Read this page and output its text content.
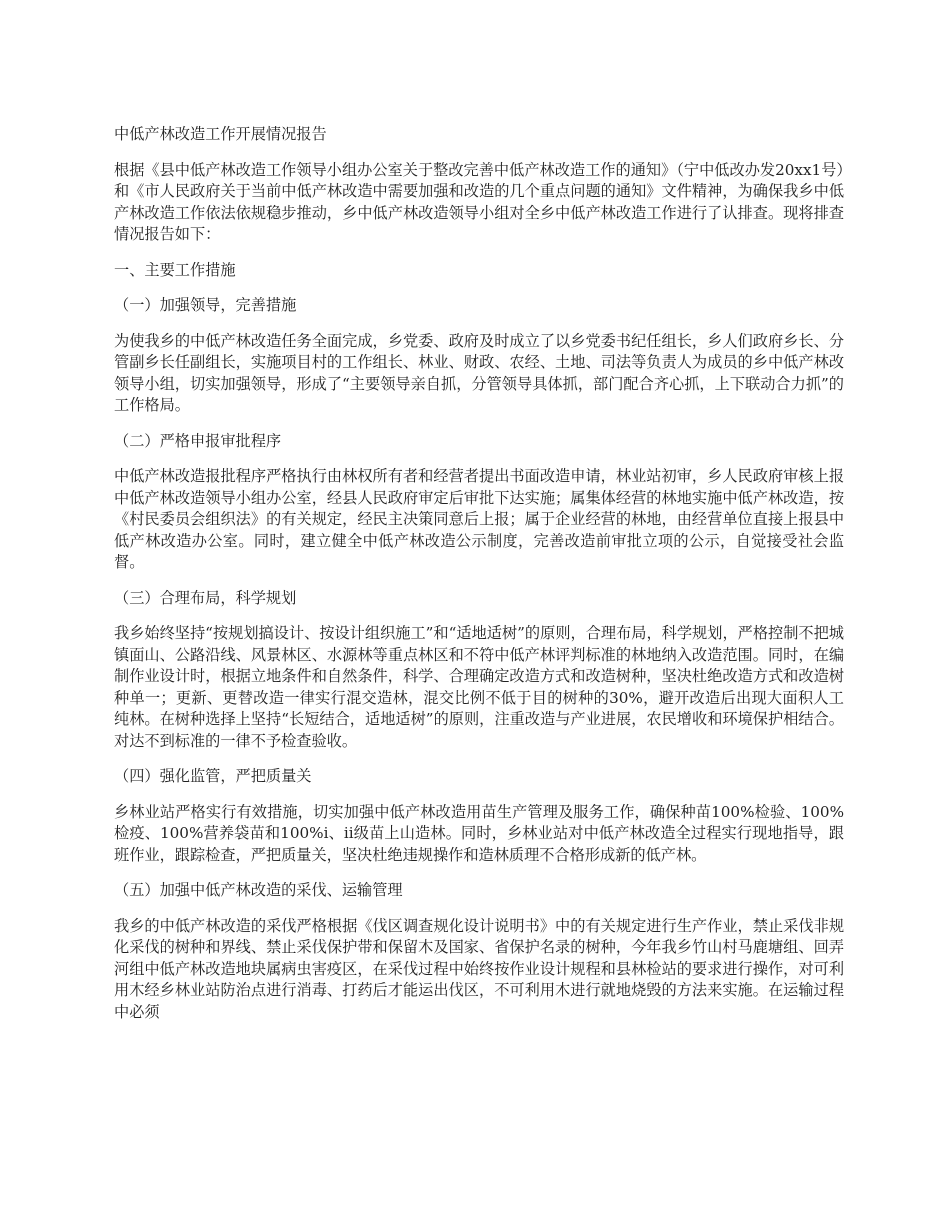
中低产林改造工作开展情况报告

根据《县中低产林改造工作领导小组办公室关于整改完善中低产林改造工作的通知》（宁中低改办发20xx1号）和《市人民政府关于当前中低产林改造中需要加强和改造的几个重点问题的通知》文件精神，为确保我乡中低产林改造工作依法依规稳步推动，乡中低产林改造领导小组对全乡中低产林改造工作进行了认排查。现将排查情况报告如下：

一、主要工作措施

（一）加强领导，完善措施

为使我乡的中低产林改造任务全面完成，乡党委、政府及时成立了以乡党委书纪任组长，乡人们政府乡长、分管副乡长任副组长，实施项目村的工作组长、林业、财政、农经、土地、司法等负责人为成员的乡中低产林改领导小组，切实加强领导，形成了“主要领导亲自抓，分管领导具体抓，部门配合齐心抓，上下联动合力抓”的工作格局。

（二）严格申报审批程序

中低产林改造报批程序严格执行由林权所有者和经营者提出书面改造申请，林业站初审，乡人民政府审核上报中低产林改造领导小组办公室，经县人民政府审定后审批下达实施；属集体经营的林地实施中低产林改造，按《村民委员会组织法》的有关规定，经民主决策同意后上报；属于企业经营的林地，由经营单位直接上报县中低产林改造办公室。同时，建立健全中低产林改造公示制度，完善改造前审批立项的公示，自觉接受社会监督。

（三）合理布局，科学规划

我乡始终坚持“按规划搞设计、按设计组织施工”和“适地适树”的原则，合理布局，科学规划，严格控制不把城镇面山、公路沿线、风景林区、水源林等重点林区和不符中低产林评判标准的林地纳入改造范围。同时，在编制作业设计时，根据立地条件和自然条件，科学、合理确定改造方式和改造树种，坚决杜绝改造方式和改造树种单一；更新、更替改造一律实行混交造林，混交比例不低于目的树种的30%，避开改造后出现大面积人工纯林。在树种选择上坚持“长短结合，适地适树”的原则，注重改造与产业进展，农民增收和环境保护相结合。对达不到标准的一律不予检查验收。

（四）强化监管，严把质量关

乡林业站严格实行有效措施，切实加强中低产林改造用苗生产管理及服务工作，确保种苗100%检验、100%检疫、100%营养袋苗和100%i、ii级苗上山造林。同时，乡林业站对中低产林改造全过程实行现地指导，跟班作业，跟踪检查，严把质量关，坚决杜绝违规操作和造林质理不合格形成新的低产林。

（五）加强中低产林改造的采伐、运输管理

我乡的中低产林改造的采伐严格根据《伐区调查规化设计说明书》中的有关规定进行生产作业，禁止采伐非规化采伐的树种和界线、禁止采伐保护带和保留木及国家、省保护名录的树种，今年我乡竹山村马鹿塘组、回弄河组中低产林改造地块属病虫害疫区，在采伐过程中始终按作业设计规程和县林检站的要求进行操作，对可利用木经乡林业站防治点进行消毒、打药后才能运出伐区，不可利用木进行就地烧毁的方法来实施。在运输过程中必须
